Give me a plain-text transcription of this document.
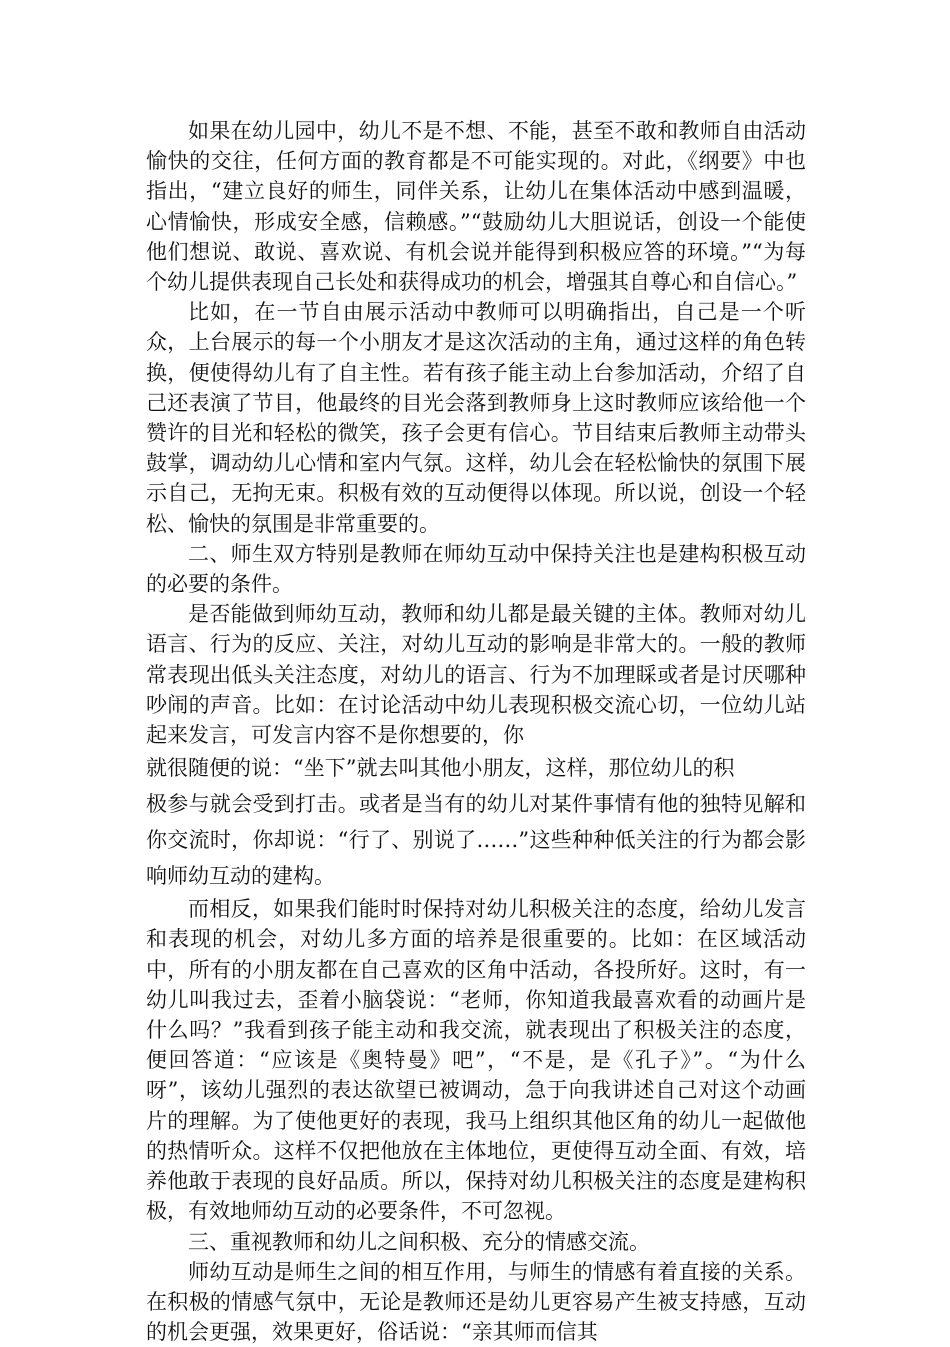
如果在幼儿园中，幼儿不是不想、不能，甚至不敢和教师自由活动愉快的交往，任何方面的教育都是不可能实现的。对此，《纲要》中也指出，“建立良好的师生，同伴关系，让幼儿在集体活动中感到温暖，心情愉快，形成安全感，信赖感。”“鼓励幼儿大胆说话，创设一个能使他们想说、敢说、喜欢说、有机会说并能得到积极应答的环境。”“为每个幼儿提供表现自己长处和获得成功的机会，增强其自尊心和自信心。”

比如，在一节自由展示活动中教师可以明确指出，自己是一个听众，上台展示的每一个小朋友才是这次活动的主角，通过这样的角色转换，便使得幼儿有了自主性。若有孩子能主动上台参加活动，介绍了自己还表演了节目，他最终的目光会落到教师身上这时教师应该给他一个赞许的目光和轻松的微笑，孩子会更有信心。节目结束后教师主动带头鼓掌，调动幼儿心情和室内气氛。这样，幼儿会在轻松愉快的氛围下展示自己，无拘无束。积极有效的互动便得以体现。所以说，创设一个轻松、愉快的氛围是非常重要的。

二、师生双方特别是教师在师幼互动中保持关注也是建构积极互动的必要的条件。

是否能做到师幼互动，教师和幼儿都是最关键的主体。教师对幼儿语言、行为的反应、关注，对幼儿互动的影响是非常大的。一般的教师常表现出低头关注态度，对幼儿的语言、行为不加理睬或者是讨厌哪种吵闹的声音。比如：在讨论活动中幼儿表现积极交流心切，一位幼儿站起来发言，可发言内容不是你想要的，你

就很随便的说：“坐下”就去叫其他小朋友，这样，那位幼儿的积

极参与就会受到打击。或者是当有的幼儿对某件事情有他的独特见解和你交流时，你却说：“行了、别说了……”这些种种低关注的行为都会影响师幼互动的建构。

而相反，如果我们能时时保持对幼儿积极关注的态度，给幼儿发言和表现的机会，对幼儿多方面的培养是很重要的。比如：在区域活动中，所有的小朋友都在自己喜欢的区角中活动，各投所好。这时，有一幼儿叫我过去，歪着小脑袋说：“老师，你知道我最喜欢看的动画片是什么吗？”我看到孩子能主动和我交流，就表现出了积极关注的态度，便回答道：“应该是《奥特曼》吧”，“不是，是《孔子》”。“为什么呀”，该幼儿强烈的表达欲望已被调动，急于向我讲述自己对这个动画片的理解。为了使他更好的表现，我马上组织其他区角的幼儿一起做他的热情听众。这样不仅把他放在主体地位，更使得互动全面、有效，培养他敢于表现的良好品质。所以，保持对幼儿积极关注的态度是建构积极，有效地师幼互动的必要条件，不可忽视。

三、重视教师和幼儿之间积极、充分的情感交流。

师幼互动是师生之间的相互作用，与师生的情感有着直接的关系。在积极的情感气氛中，无论是教师还是幼儿更容易产生被支持感，互动的机会更强，效果更好，俗话说：“亲其师而信其
